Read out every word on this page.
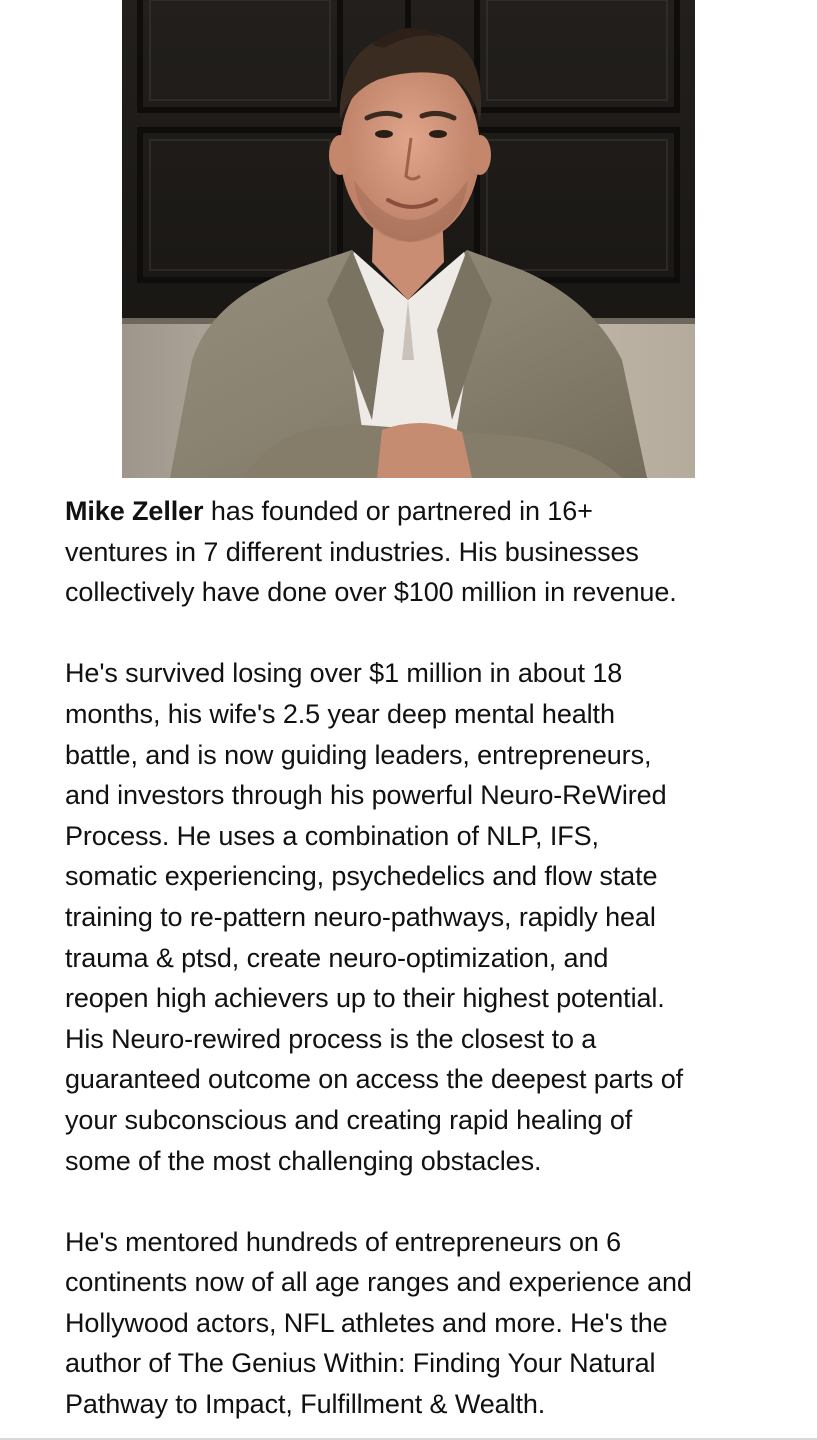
Mike Zeller has founded or partnered in 16+
ventures in 7 different industries. His businesses
collectively have done over $100 million in revenue.

He's survived losing over $1 million in about 18
months, his wife's 2.5 year deep mental health
battle, and is now guiding leaders, entrepreneurs,
and investors through his powerful Neuro-ReWired
Process. He uses a combination of NLP, IFS,
somatic experiencing, psychedelics and flow state
training to re-pattern neuro-pathways, rapidly heal
trauma & ptsd, create neuro-optimization, and
reopen high achievers up to their highest potential.
His Neuro-rewired process is the closest to a
guaranteed outcome on access the deepest parts of
your subconscious and creating rapid healing of
some of the most challenging obstacles.

He's mentored hundreds of entrepreneurs on 6
continents now of all age ranges and experience and
Hollywood actors, NFL athletes and more. He's the
author of The Genius Within: Finding Your Natural
Pathway to Impact, Fulfillment & Wealth.
